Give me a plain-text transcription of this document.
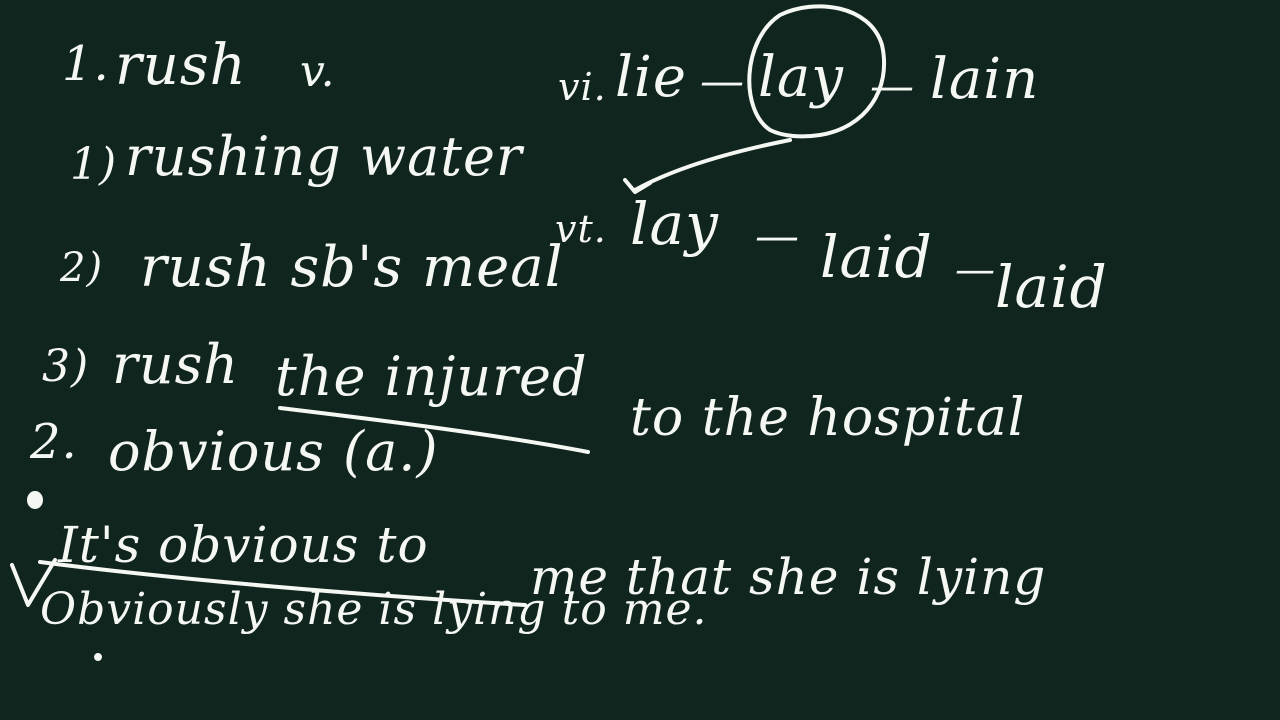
1. rush v.
1) rushing water
2) rush sb's meal
3) rush the injured
to the hospital
2. obvious (a.)
It's obvious to
me that she is lying
Obviously she is lying to me.
vi. lie — lay — lain
vt. lay — laid — laid
